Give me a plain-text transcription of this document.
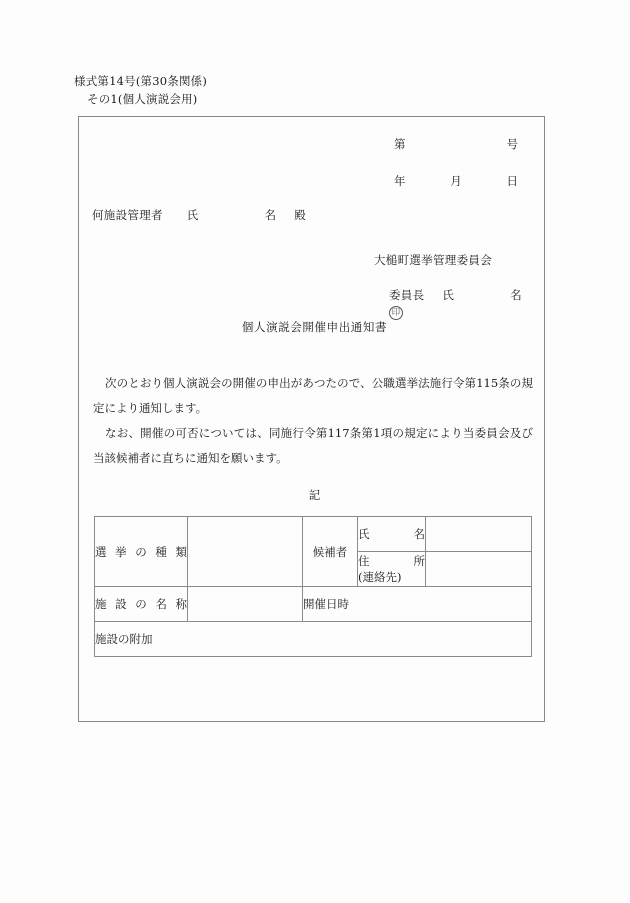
様式第14号(第30条関係)
その1(個人演説会用)
第	号
年	月	日
何施設管理者 氏	名 殿
大槌町選挙管理委員会
委員長 氏	名  印
個人演説会開催申出通知書

次のとおり個人演説会の開催の申出があつたので、公職選挙法施行令第115条の規定により通知します。

なお、開催の可否については、同施行令第117条第1項の規定により当委員会及び当該候補者に直ちに通知を願います。

記
選挙の種類		候補者	氏名	

			住所
(連絡先)	

施設の名称		開催日時		
施設の附加				
